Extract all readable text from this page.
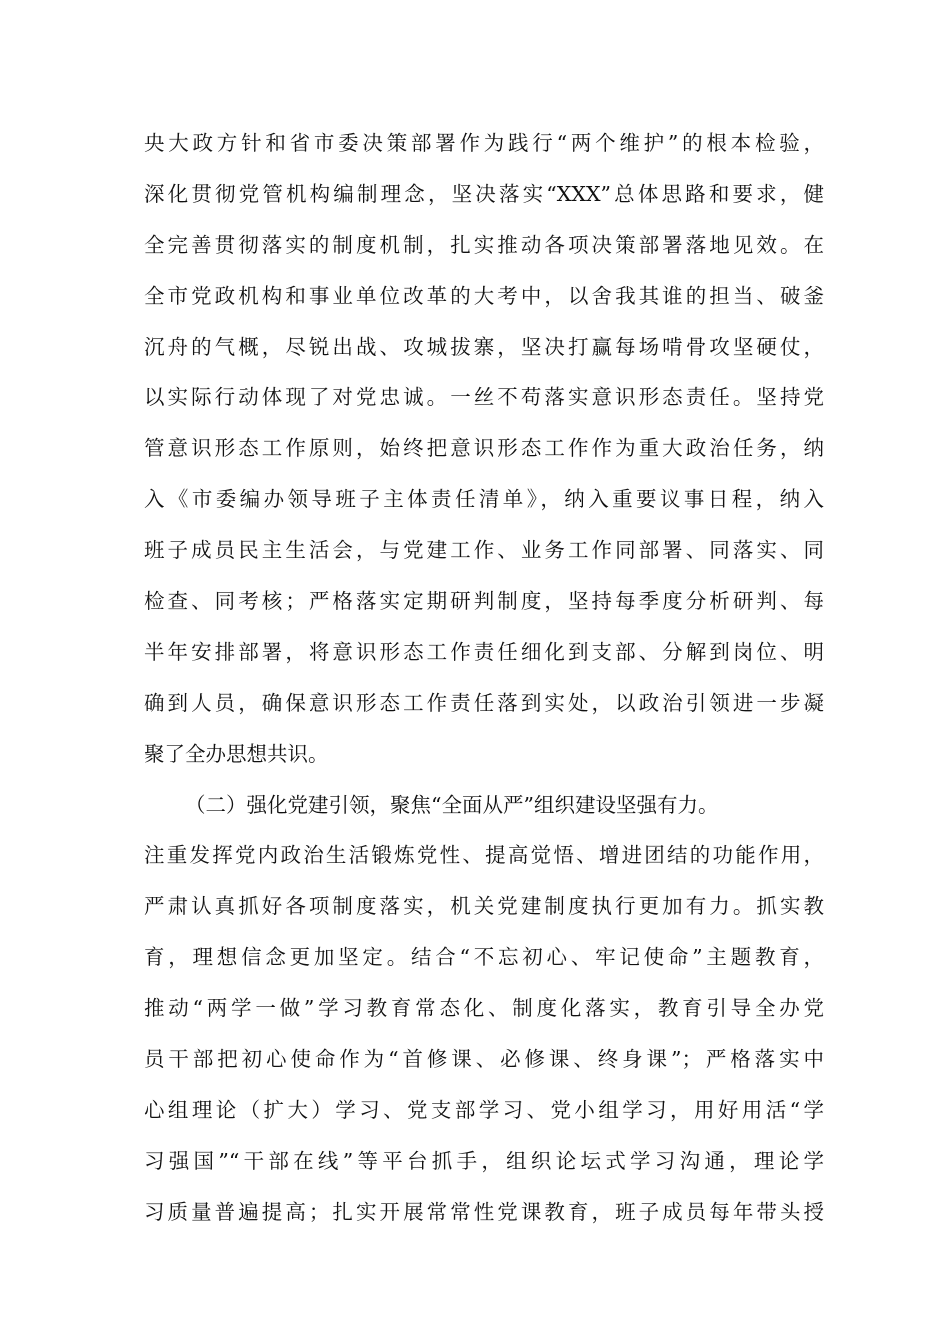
央大政方针和省市委决策部署作为践行“两个维护”的根本检验，
深化贯彻党管机构编制理念，坚决落实“XXX”总体思路和要求，健
全完善贯彻落实的制度机制，扎实推动各项决策部署落地见效。在
全市党政机构和事业单位改革的大考中，以舍我其谁的担当、破釜
沉舟的气概，尽锐出战、攻城拔寨，坚决打赢每场啃骨攻坚硬仗，
以实际行动体现了对党忠诚。一丝不苟落实意识形态责任。坚持党
管意识形态工作原则，始终把意识形态工作作为重大政治任务，纳
入《市委编办领导班子主体责任清单》，纳入重要议事日程，纳入
班子成员民主生活会，与党建工作、业务工作同部署、同落实、同
检查、同考核；严格落实定期研判制度，坚持每季度分析研判、每
半年安排部署，将意识形态工作责任细化到支部、分解到岗位、明
确到人员，确保意识形态工作责任落到实处，以政治引领进一步凝
聚了全办思想共识。
（二）强化党建引领，聚焦“全面从严”组织建设坚强有力。
注重发挥党内政治生活锻炼党性、提高觉悟、增进团结的功能作用，
严肃认真抓好各项制度落实，机关党建制度执行更加有力。抓实教
育，理想信念更加坚定。结合“不忘初心、牢记使命”主题教育，
推动“两学一做”学习教育常态化、制度化落实，教育引导全办党
员干部把初心使命作为“首修课、必修课、终身课”；严格落实中
心组理论（扩大）学习、党支部学习、党小组学习，用好用活“学
习强国”“干部在线”等平台抓手，组织论坛式学习沟通，理论学
习质量普遍提高；扎实开展常常性党课教育，班子成员每年带头授
